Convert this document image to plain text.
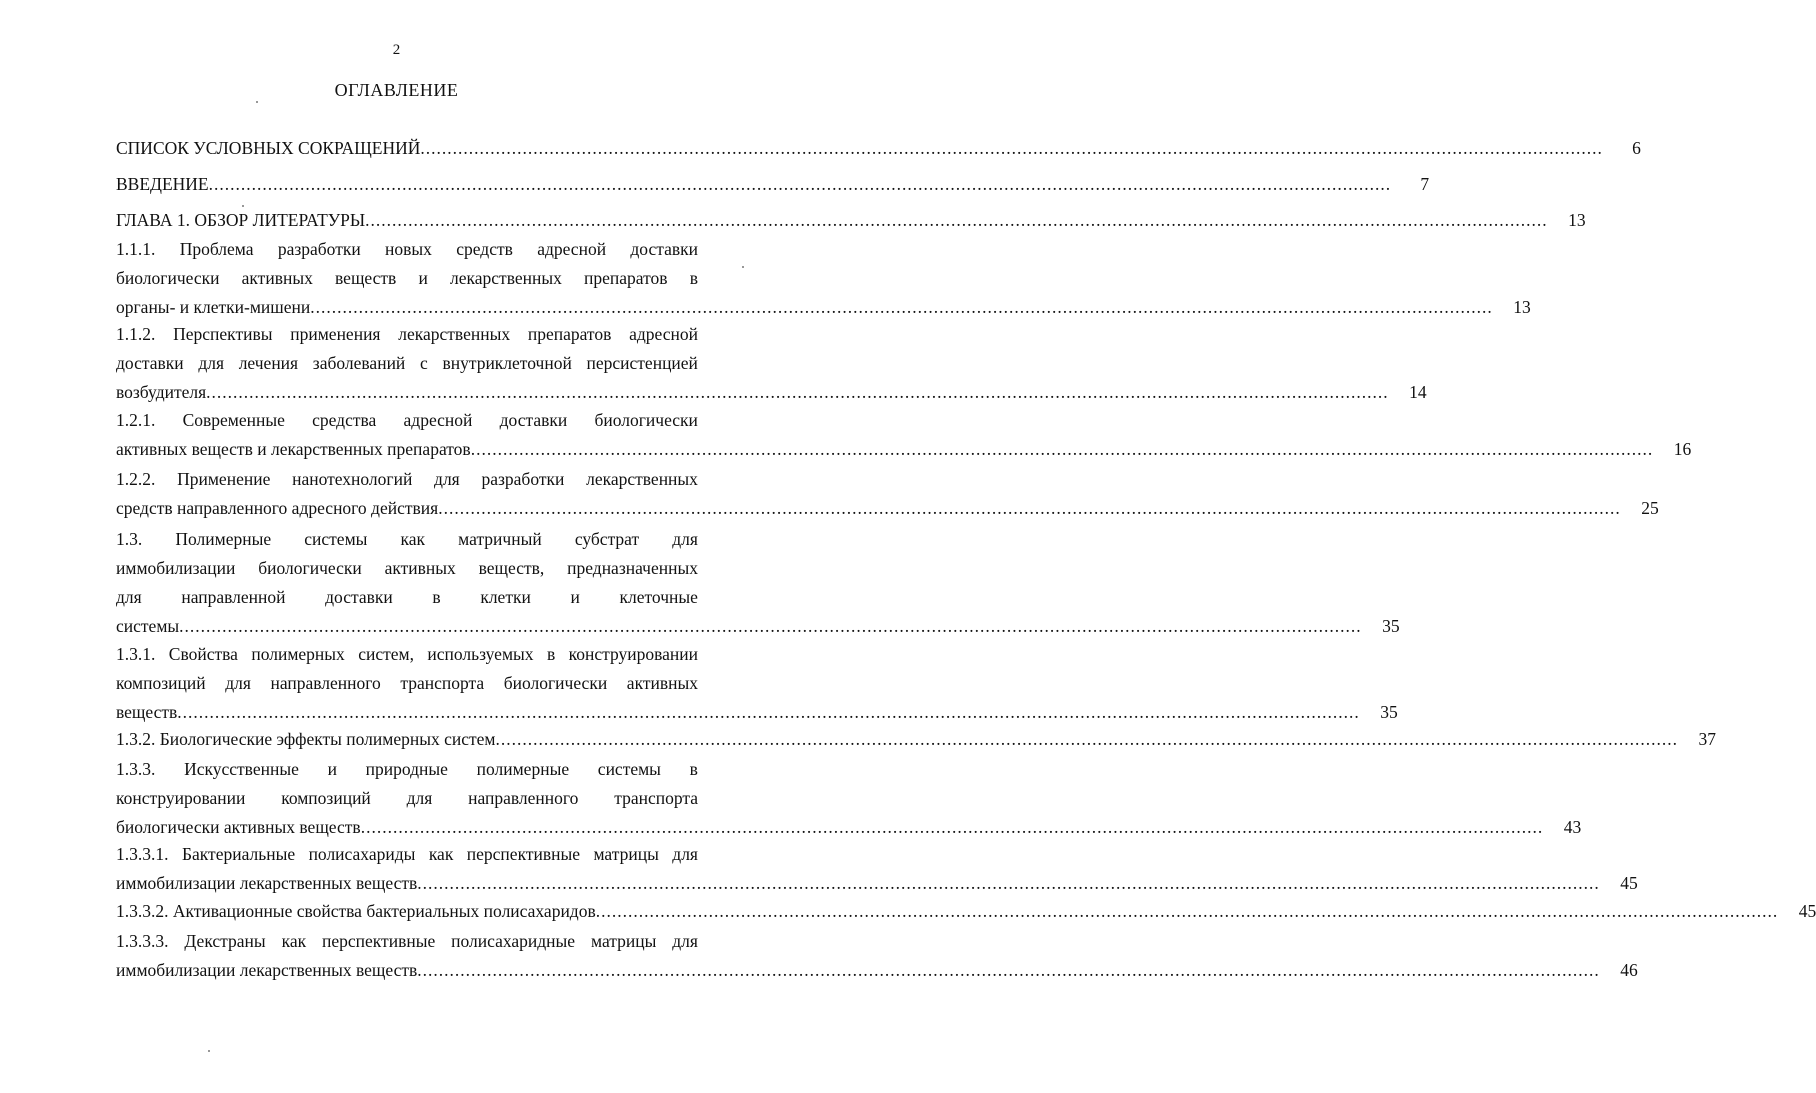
2
ОГЛАВЛЕНИЕ
СПИСОК УСЛОВНЫХ СОКРАЩЕНИЙ ............................................................................................................................................................................................................................	6
ВВЕДЕНИЕ ............................................................................................................................................................................................................................	7
ГЛАВА 1. ОБЗОР ЛИТЕРАТУРЫ ............................................................................................................................................................................................................................	13
1.1.1. Проблема разработки новых средств адресной доставки
биологически активных веществ и лекарственных препаратов в
органы- и клетки-мишени ............................................................................................................................................................................................................................	13
1.1.2. Перспективы применения лекарственных препаратов адресной
доставки для лечения заболеваний с внутриклеточной персистенцией
возбудителя ............................................................................................................................................................................................................................	14
1.2.1. Современные средства адресной доставки биологически
активных веществ и лекарственных препаратов ............................................................................................................................................................................................................................	16
1.2.2. Применение нанотехнологий для разработки лекарственных
средств направленного адресного действия ............................................................................................................................................................................................................................	25
1.3. Полимерные системы как матричный субстрат для
иммобилизации биологически активных веществ, предназначенных
для направленной доставки в клетки и клеточные
системы ............................................................................................................................................................................................................................	35
1.3.1. Свойства полимерных систем, используемых в конструировании
композиций для направленного транспорта биологически активных
веществ ............................................................................................................................................................................................................................	35
1.3.2. Биологические эффекты полимерных систем ............................................................................................................................................................................................................................	37
1.3.3. Искусственные и природные полимерные системы в
конструировании композиций для направленного транспорта
биологически активных веществ ............................................................................................................................................................................................................................	43
1.3.3.1. Бактериальные полисахариды как перспективные матрицы для
иммобилизации лекарственных веществ ............................................................................................................................................................................................................................	45
1.3.3.2. Активационные свойства бактериальных полисахаридов ............................................................................................................................................................................................................................	45
1.3.3.3. Декстраны как перспективные полисахаридные матрицы для
иммобилизации лекарственных веществ ............................................................................................................................................................................................................................	46
